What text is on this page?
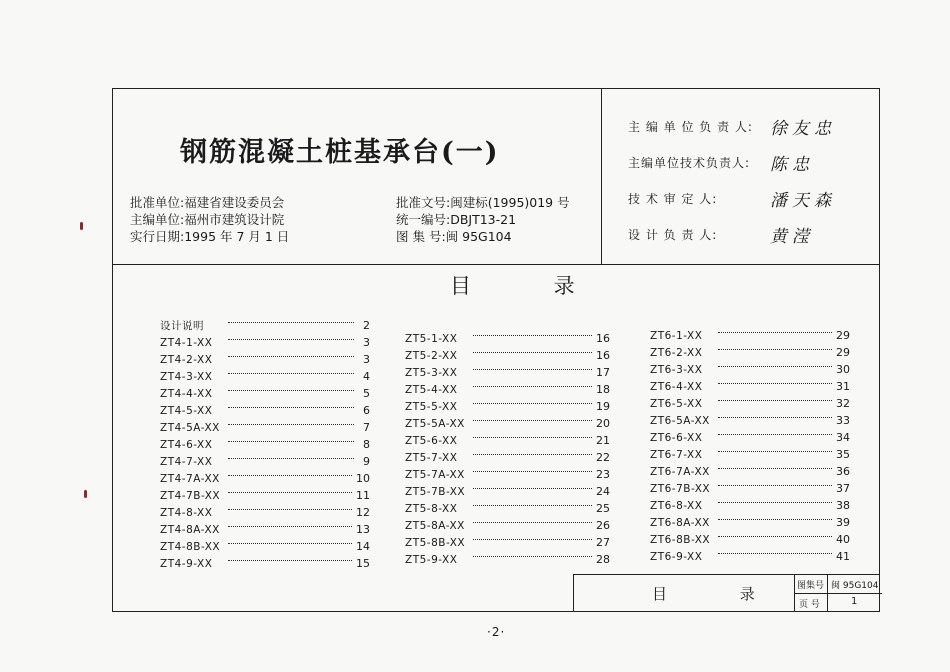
钢筋混凝土桩基承台(一)
批准单位:福建省建设委员会
主编单位:福州市建筑设计院
实行日期:1995 年 7 月 1 日
批准文号:闽建标(1995)019 号
统一编号:DBJT13-21
图 集 号:闽 95G104
主 编 单 位 负 责 人:	徐友忠
主编单位技术负责人:	陈忠
技 术 审 定 人:	潘天森
设 计 负 责 人:	黄滢
目 录
设计说明	2
ZT4-1-XX	3
ZT4-2-XX	3
ZT4-3-XX	4
ZT4-4-XX	5
ZT4-5-XX	6
ZT4-5A-XX	7
ZT4-6-XX	8
ZT4-7-XX	9
ZT4-7A-XX	10
ZT4-7B-XX	11
ZT4-8-XX	12
ZT4-8A-XX	13
ZT4-8B-XX	14
ZT4-9-XX	15
ZT5-1-XX	16
ZT5-2-XX	16
ZT5-3-XX	17
ZT5-4-XX	18
ZT5-5-XX	19
ZT5-5A-XX	20
ZT5-6-XX	21
ZT5-7-XX	22
ZT5-7A-XX	23
ZT5-7B-XX	24
ZT5-8-XX	25
ZT5-8A-XX	26
ZT5-8B-XX	27
ZT5-9-XX	28
ZT6-1-XX	29
ZT6-2-XX	29
ZT6-3-XX	30
ZT6-4-XX	31
ZT6-5-XX	32
ZT6-5A-XX	33
ZT6-6-XX	34
ZT6-7-XX	35
ZT6-7A-XX	36
ZT6-7B-XX	37
ZT6-8-XX	38
ZT6-8A-XX	39
ZT6-8B-XX	40
ZT6-9-XX	41
目 录 图集号 闽 95G104
页 号	1
·2·
